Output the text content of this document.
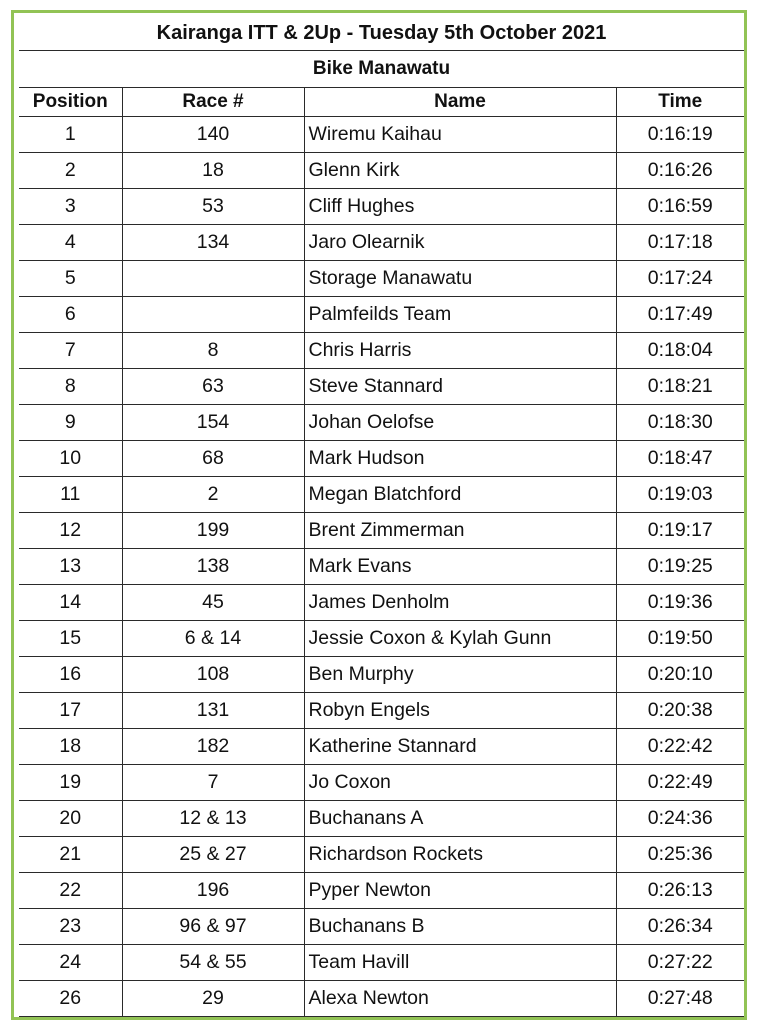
Kairanga ITT & 2Up - Tuesday 5th October 2021			
Bike Manawatu			
Position	Race #	Name	Time
1	140	Wiremu Kaihau	0:16:19
2	18	Glenn Kirk	0:16:26
3	53	Cliff Hughes	0:16:59
4	134	Jaro Olearnik	0:17:18
5		Storage Manawatu	0:17:24
6		Palmfeilds Team	0:17:49
7	8	Chris Harris	0:18:04
8	63	Steve Stannard	0:18:21
9	154	Johan Oelofse	0:18:30
10	68	Mark Hudson	0:18:47
11	2	Megan Blatchford	0:19:03
12	199	Brent Zimmerman	0:19:17
13	138	Mark Evans	0:19:25
14	45	James Denholm	0:19:36
15	6 & 14	Jessie Coxon & Kylah Gunn	0:19:50
16	108	Ben Murphy	0:20:10
17	131	Robyn Engels	0:20:38
18	182	Katherine Stannard	0:22:42
19	7	Jo Coxon	0:22:49
20	12 & 13	Buchanans A	0:24:36
21	25 & 27	Richardson Rockets	0:25:36
22	196	Pyper Newton	0:26:13
23	96 & 97	Buchanans B	0:26:34
24	54 & 55	Team Havill	0:27:22
26	29	Alexa Newton	0:27:48
